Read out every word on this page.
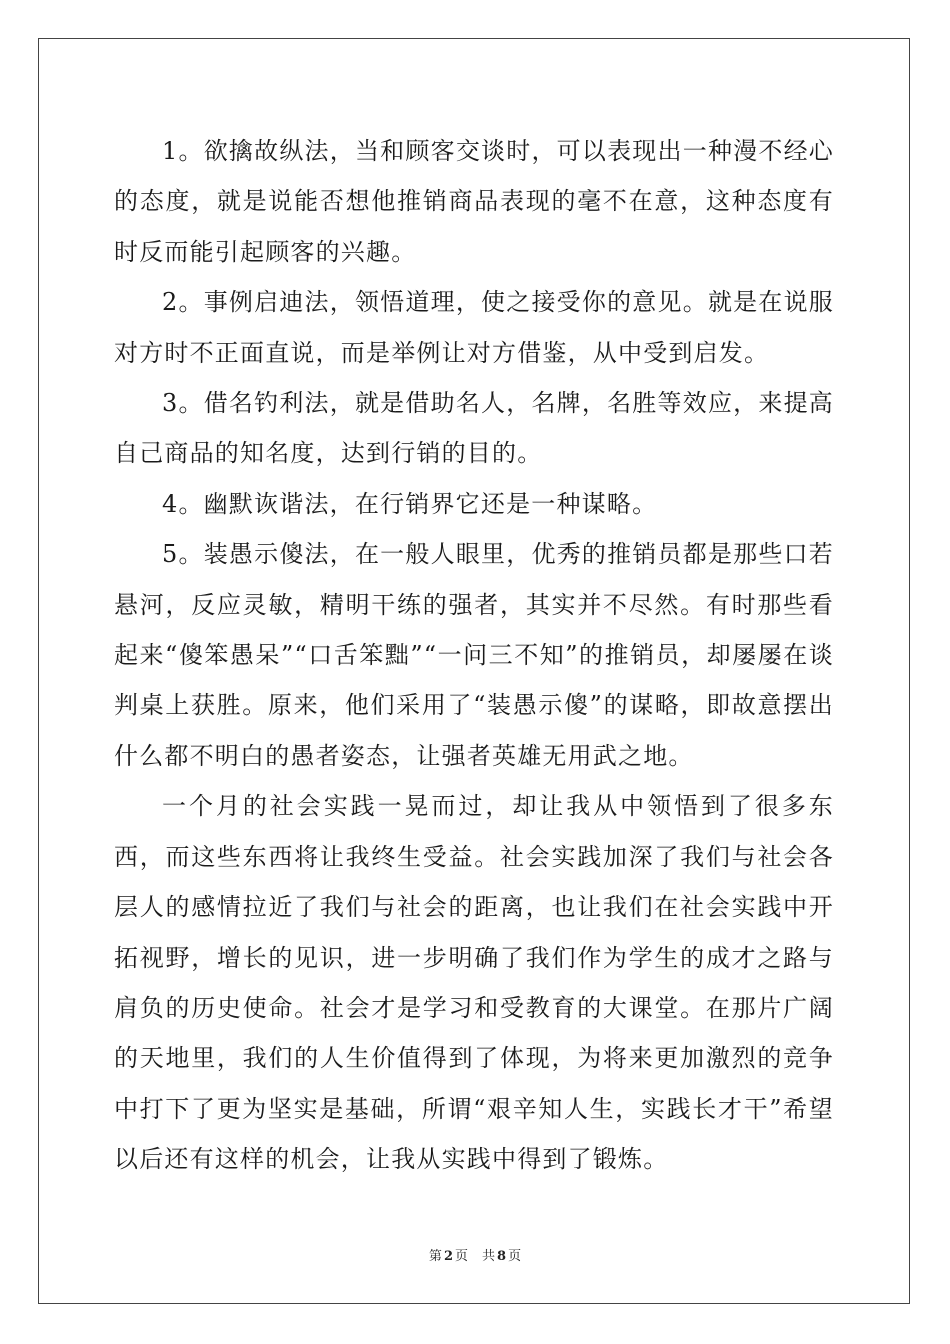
1。欲擒故纵法，当和顾客交谈时，可以表现出一种漫不经心的态度，就是说能否想他推销商品表现的毫不在意，这种态度有时反而能引起顾客的兴趣。

2。事例启迪法，领悟道理，使之接受你的意见。就是在说服对方时不正面直说，而是举例让对方借鉴，从中受到启发。

3。借名钓利法，就是借助名人，名牌，名胜等效应，来提高自己商品的知名度，达到行销的目的。

4。幽默诙谐法，在行销界它还是一种谋略。

5。装愚示傻法，在一般人眼里，优秀的推销员都是那些口若悬河，反应灵敏，精明干练的强者，其实并不尽然。有时那些看起来“傻笨愚呆”“口舌笨黜”“一问三不知”的推销员，却屡屡在谈判桌上获胜。原来，他们采用了“装愚示傻”的谋略，即故意摆出什么都不明白的愚者姿态，让强者英雄无用武之地。

一个月的社会实践一晃而过，却让我从中领悟到了很多东西，而这些东西将让我终生受益。社会实践加深了我们与社会各层人的感情拉近了我们与社会的距离，也让我们在社会实践中开拓视野，增长的见识，进一步明确了我们作为学生的成才之路与肩负的历史使命。社会才是学习和受教育的大课堂。在那片广阔的天地里，我们的人生价值得到了体现，为将来更加激烈的竞争中打下了更为坚实是基础，所谓“艰辛知人生，实践长才干”希望以后还有这样的机会，让我从实践中得到了锻炼。

第 2 页 共 8 页
